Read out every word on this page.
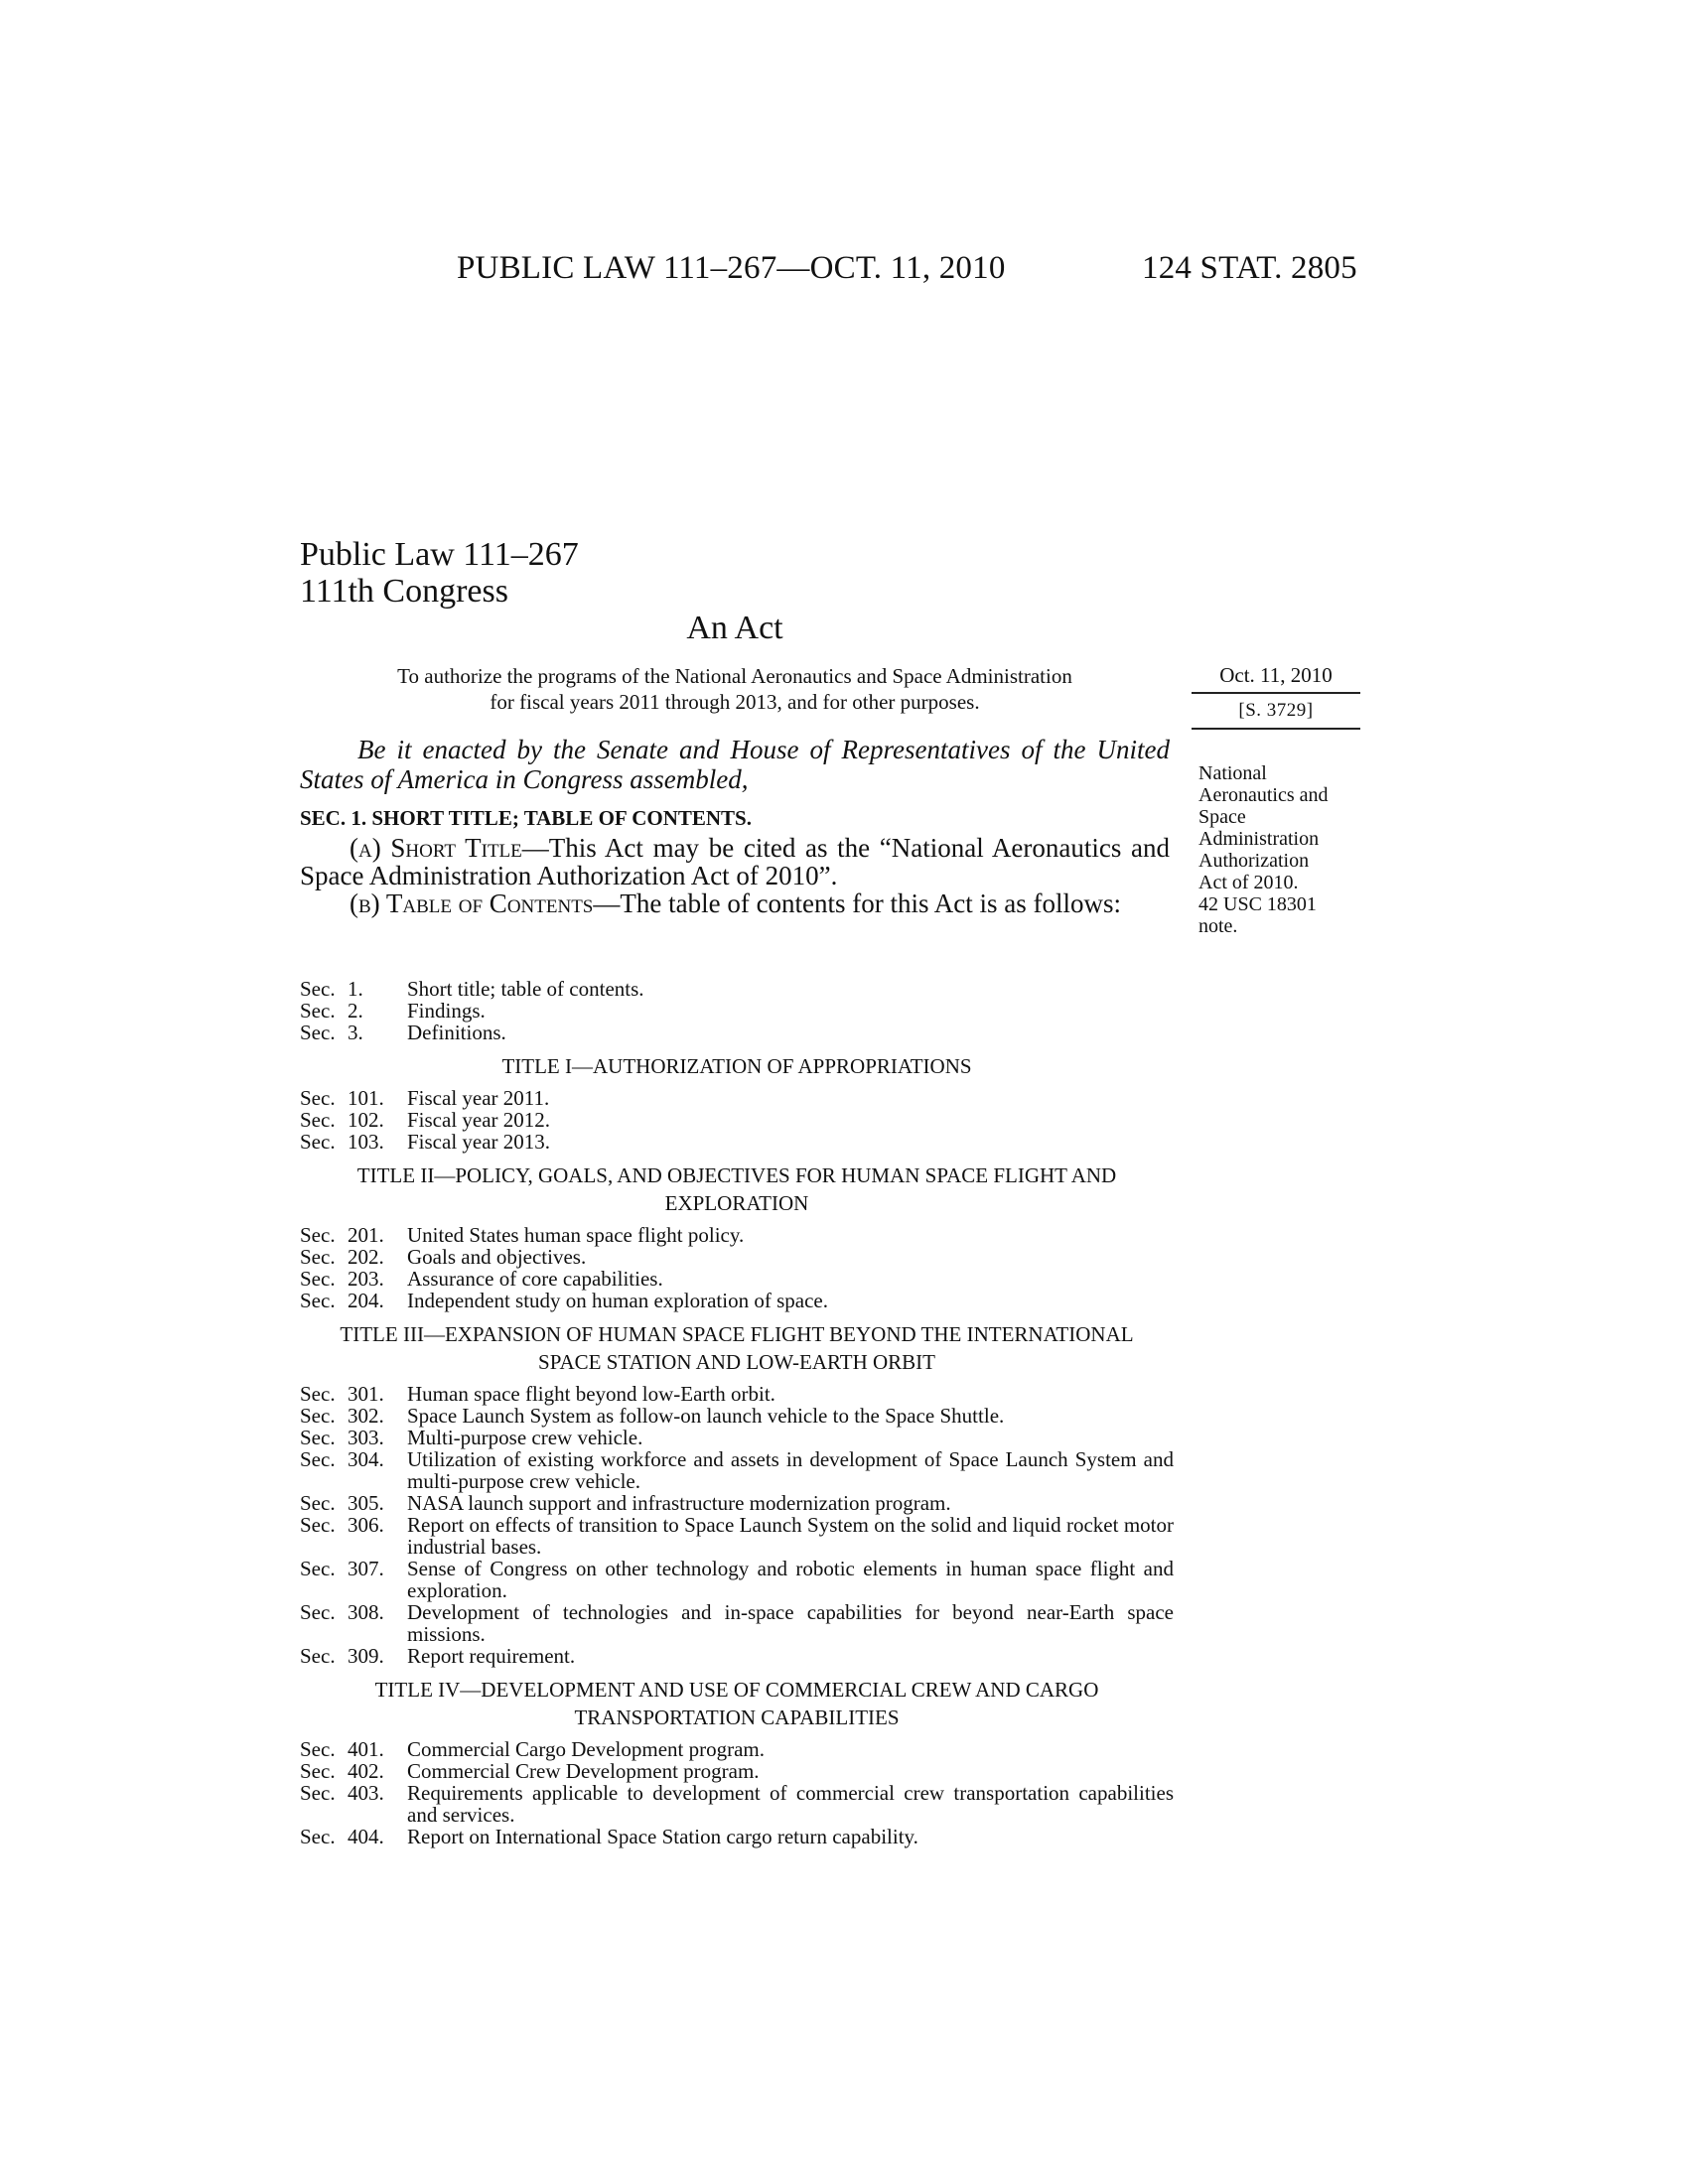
PUBLIC LAW 111–267—OCT. 11, 2010	124 STAT. 2805
Public Law 111–267
111th Congress
An Act
To authorize the programs of the National Aeronautics and Space Administration
for fiscal years 2011 through 2013, and for other purposes.
Oct. 11, 2010
[S. 3729]
National
Aeronautics and
Space
Administration
Authorization
Act of 2010.
42 USC 18301
note.
Be it enacted by the Senate and House of Representatives of the United States of America in Congress assembled,
SEC. 1. SHORT TITLE; TABLE OF CONTENTS.
(a) Short Title—This Act may be cited as the “National Aeronautics and Space Administration Authorization Act of 2010”.
(b) Table of Contents—The table of contents for this Act is as follows:
Sec. 1.	Short title; table of contents.
Sec. 2.	Findings.
Sec. 3.	Definitions.
TITLE I—AUTHORIZATION OF APPROPRIATIONS
Sec. 101.	Fiscal year 2011.
Sec. 102.	Fiscal year 2012.
Sec. 103.	Fiscal year 2013.
TITLE II—POLICY, GOALS, AND OBJECTIVES FOR HUMAN SPACE FLIGHT AND EXPLORATION
Sec. 201.	United States human space flight policy.
Sec. 202.	Goals and objectives.
Sec. 203.	Assurance of core capabilities.
Sec. 204.	Independent study on human exploration of space.
TITLE III—EXPANSION OF HUMAN SPACE FLIGHT BEYOND THE INTERNATIONAL SPACE STATION AND LOW-EARTH ORBIT
Sec. 301.	Human space flight beyond low-Earth orbit.
Sec. 302.	Space Launch System as follow-on launch vehicle to the Space Shuttle.
Sec. 303.	Multi-purpose crew vehicle.
Sec. 304.	Utilization of existing workforce and assets in development of Space Launch System and multi-purpose crew vehicle.
Sec. 305.	NASA launch support and infrastructure modernization program.
Sec. 306.	Report on effects of transition to Space Launch System on the solid and liquid rocket motor industrial bases.
Sec. 307.	Sense of Congress on other technology and robotic elements in human space flight and exploration.
Sec. 308.	Development of technologies and in-space capabilities for beyond near-Earth space missions.
Sec. 309.	Report requirement.
TITLE IV—DEVELOPMENT AND USE OF COMMERCIAL CREW AND CARGO TRANSPORTATION CAPABILITIES
Sec. 401.	Commercial Cargo Development program.
Sec. 402.	Commercial Crew Development program.
Sec. 403.	Requirements applicable to development of commercial crew transportation capabilities and services.
Sec. 404.	Report on International Space Station cargo return capability.
